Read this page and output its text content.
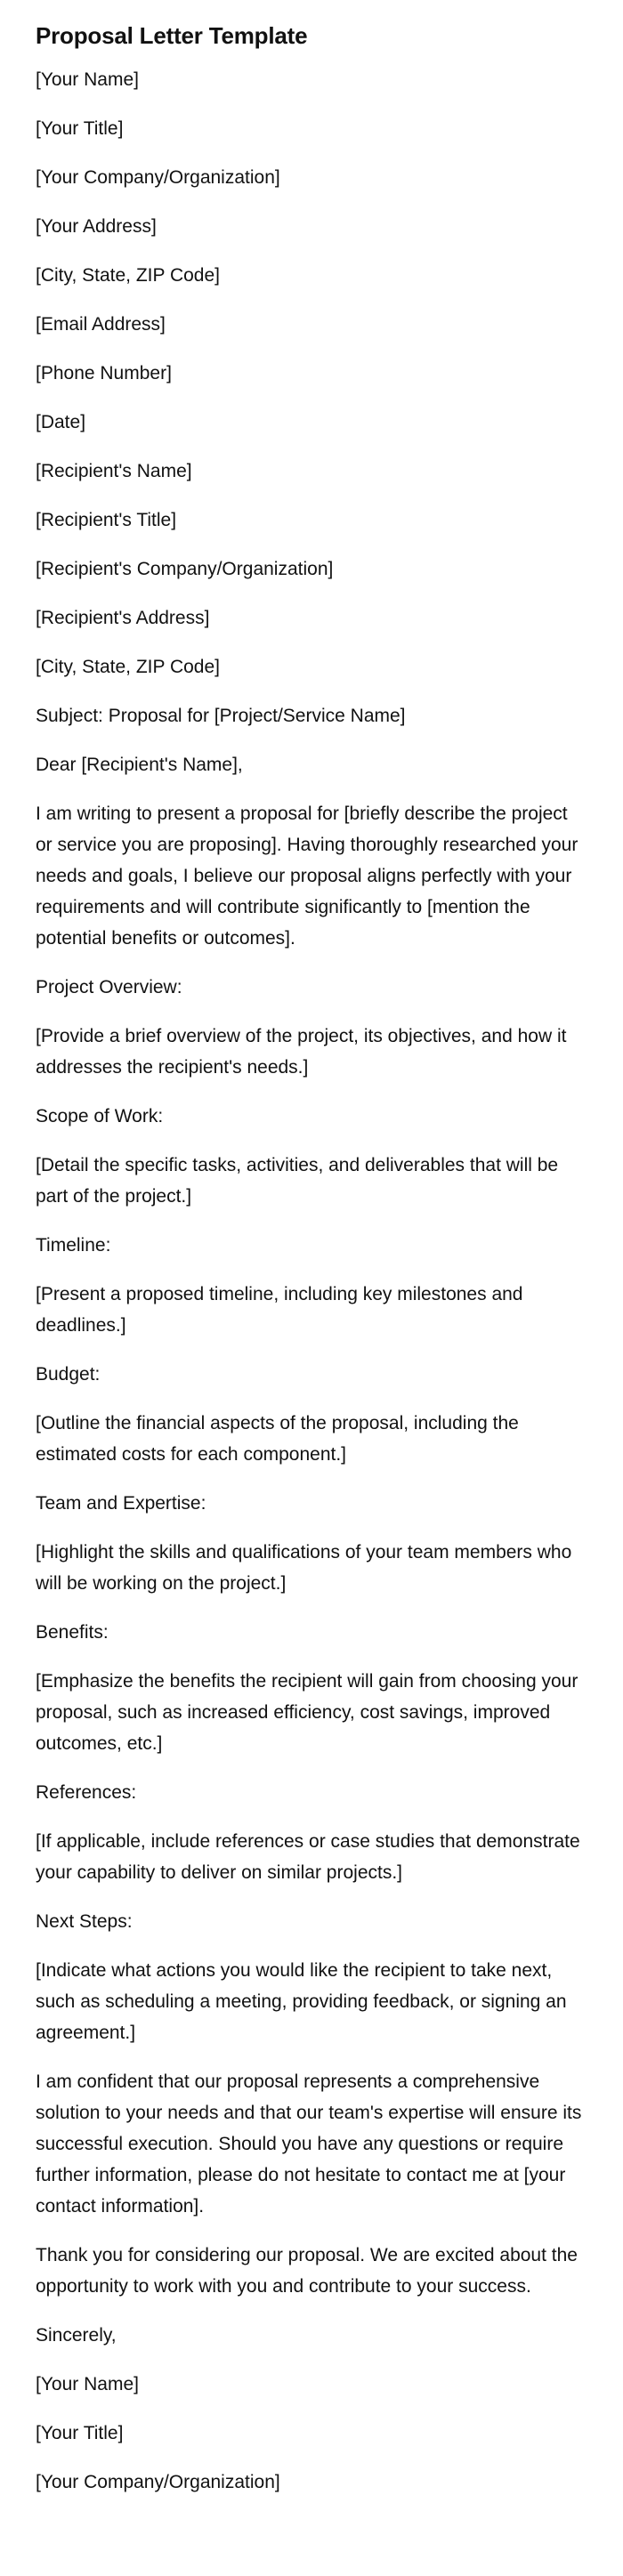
Proposal Letter Template

[Your Name]

[Your Title]

[Your Company/Organization]

[Your Address]

[City, State, ZIP Code]

[Email Address]

[Phone Number]

[Date]

[Recipient's Name]

[Recipient's Title]

[Recipient's Company/Organization]

[Recipient's Address]

[City, State, ZIP Code]

Subject: Proposal for [Project/Service Name]

Dear [Recipient's Name],

I am writing to present a proposal for [briefly describe the project or service you are proposing]. Having thoroughly researched your needs and goals, I believe our proposal aligns perfectly with your requirements and will contribute significantly to [mention the potential benefits or outcomes].

Project Overview:

[Provide a brief overview of the project, its objectives, and how it addresses the recipient's needs.]

Scope of Work:

[Detail the specific tasks, activities, and deliverables that will be part of the project.]

Timeline:

[Present a proposed timeline, including key milestones and deadlines.]

Budget:

[Outline the financial aspects of the proposal, including the estimated costs for each component.]

Team and Expertise:

[Highlight the skills and qualifications of your team members who will be working on the project.]

Benefits:

[Emphasize the benefits the recipient will gain from choosing your proposal, such as increased efficiency, cost savings, improved outcomes, etc.]

References:

[If applicable, include references or case studies that demonstrate your capability to deliver on similar projects.]

Next Steps:

[Indicate what actions you would like the recipient to take next, such as scheduling a meeting, providing feedback, or signing an agreement.]

I am confident that our proposal represents a comprehensive solution to your needs and that our team's expertise will ensure its successful execution. Should you have any questions or require further information, please do not hesitate to contact me at [your contact information].

Thank you for considering our proposal. We are excited about the opportunity to work with you and contribute to your success.

Sincerely,

[Your Name]

[Your Title]

[Your Company/Organization]
